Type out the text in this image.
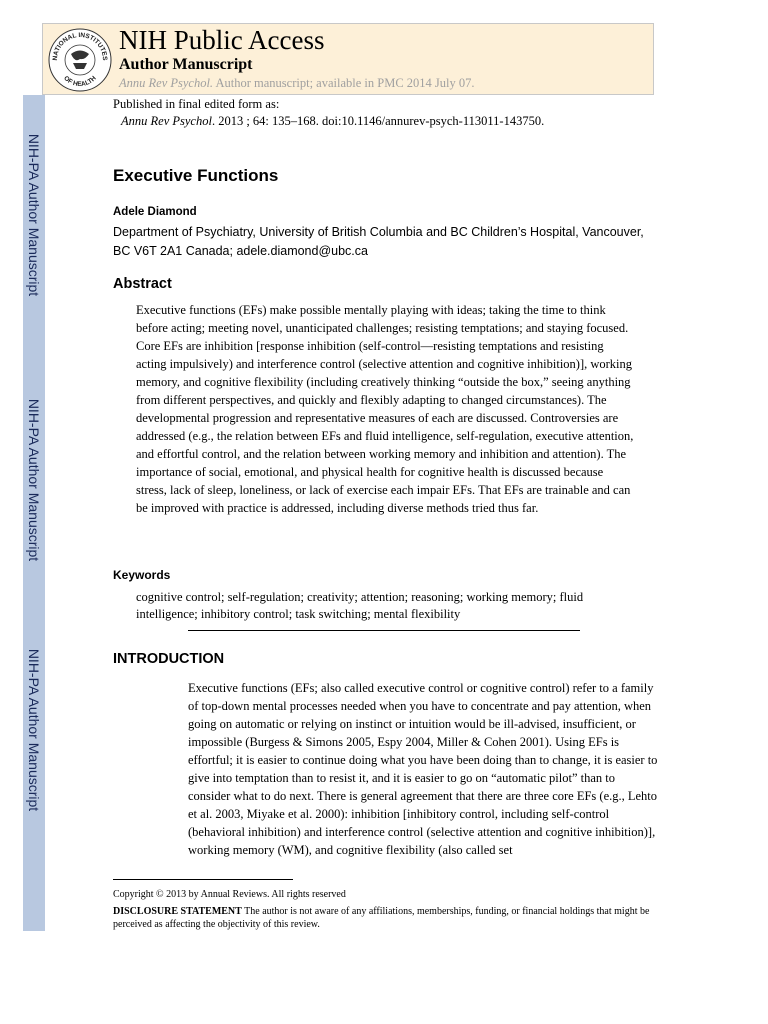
NIH-PA Author Manuscript
NIH-PA Author Manuscript
NIH-PA Author Manuscript
NATIONAL INSTITUTES
OF HEALTH
NIH Public Access
Author Manuscript
Annu Rev Psychol. Author manuscript; available in PMC 2014 July 07.
Published in final edited form as:
Annu Rev Psychol. 2013 ; 64: 135–168. doi:10.1146/annurev-psych-113011-143750.
Executive Functions
Adele Diamond
Department of Psychiatry, University of British Columbia and BC Children’s Hospital, Vancouver, BC V6T 2A1 Canada; adele.diamond@ubc.ca
Abstract
Executive functions (EFs) make possible mentally playing with ideas; taking the time to think before acting; meeting novel, unanticipated challenges; resisting temptations; and staying focused. Core EFs are inhibition [response inhibition (self-control—resisting temptations and resisting acting impulsively) and interference control (selective attention and cognitive inhibition)], working memory, and cognitive flexibility (including creatively thinking “outside the box,” seeing anything from different perspectives, and quickly and flexibly adapting to changed circumstances). The developmental progression and representative measures of each are discussed. Controversies are addressed (e.g., the relation between EFs and fluid intelligence, self-regulation, executive attention, and effortful control, and the relation between working memory and inhibition and attention). The importance of social, emotional, and physical health for cognitive health is discussed because stress, lack of sleep, loneliness, or lack of exercise each impair EFs. That EFs are trainable and can be improved with practice is addressed, including diverse methods tried thus far.
Keywords
cognitive control; self-regulation; creativity; attention; reasoning; working memory; fluid intelligence; inhibitory control; task switching; mental flexibility
INTRODUCTION
Executive functions (EFs; also called executive control or cognitive control) refer to a family of top-down mental processes needed when you have to concentrate and pay attention, when going on automatic or relying on instinct or intuition would be ill-advised, insufficient, or impossible (Burgess & Simons 2005, Espy 2004, Miller & Cohen 2001). Using EFs is effortful; it is easier to continue doing what you have been doing than to change, it is easier to give into temptation than to resist it, and it is easier to go on “automatic pilot” than to consider what to do next. There is general agreement that there are three core EFs (e.g., Lehto et al. 2003, Miyake et al. 2000): inhibition [inhibitory control, including self-control (behavioral inhibition) and interference control (selective attention and cognitive inhibition)], working memory (WM), and cognitive flexibility (also called set
Copyright © 2013 by Annual Reviews. All rights reserved
DISCLOSURE STATEMENT The author is not aware of any affiliations, memberships, funding, or financial holdings that might be perceived as affecting the objectivity of this review.
